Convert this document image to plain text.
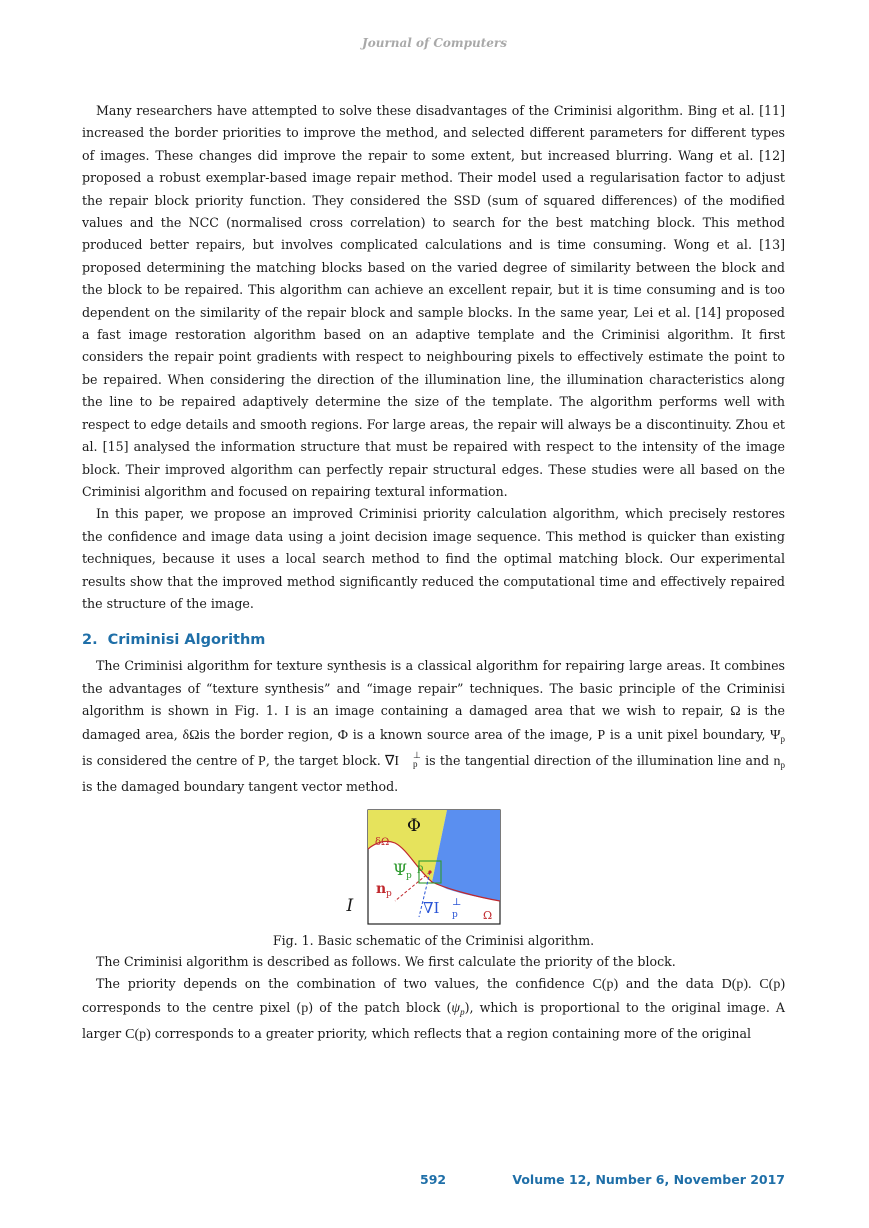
Journal of Computers

Many researchers have attempted to solve these disadvantages of the Criminisi algorithm. Bing et al. [11] increased the border priorities to improve the method, and selected different parameters for different types of images. These changes did improve the repair to some extent, but increased blurring. Wang et al. [12] proposed a robust exemplar-based image repair method. Their model used a regularisation factor to adjust the repair block priority function. They considered the SSD (sum of squared differences) of the modified values and the NCC (normalised cross correlation) to search for the best matching block. This method produced better repairs, but involves complicated calculations and is time consuming. Wong et al. [13] proposed determining the matching blocks based on the varied degree of similarity between the block and the block to be repaired. This algorithm can achieve an excellent repair, but it is time consuming and is too dependent on the similarity of the repair block and sample blocks. In the same year, Lei et al. [14] proposed a fast image restoration algorithm based on an adaptive template and the Criminisi algorithm. It first considers the repair point gradients with respect to neighbouring pixels to effectively estimate the point to be repaired. When considering the direction of the illumination line, the illumination characteristics along the line to be repaired adaptively determine the size of the template. The algorithm performs well with respect to edge details and smooth regions. For large areas, the repair will always be a discontinuity. Zhou et al. [15] analysed the information structure that must be repaired with respect to the intensity of the image block. Their improved algorithm can perfectly repair structural edges. These studies were all based on the Criminisi algorithm and focused on repairing textural information.

In this paper, we propose an improved Criminisi priority calculation algorithm, which precisely restores the confidence and image data using a joint decision image sequence. This method is quicker than existing techniques, because it uses a local search method to find the optimal matching block. Our experimental results show that the improved method significantly reduced the computational time and effectively repaired the structure of the image.

2. Criminisi Algorithm

The Criminisi algorithm for texture synthesis is a classical algorithm for repairing large areas. It combines the advantages of “texture synthesis” and “image repair” techniques. The basic principle of the Criminisi algorithm is shown in Fig. 1. I is an image containing a damaged area that we wish to repair, Ω is the damaged area, δΩis the border region, Φ is a known source area of the image, P is a unit pixel boundary, $\Psi_p$ is considered the centre of P, the target block. ∇I	⊥
p is the tangential direction of the illumination line and $n_p$ is the damaged boundary tangent vector method.

Φ
δΩ
Ψ
p
p
n p
∇I p
⊥
Ω
I
Fig. 1. Basic schematic of the Criminisi algorithm.

The Criminisi algorithm is described as follows. We first calculate the priority of the block.

The priority depends on the combination of two values, the confidence C(p) and the data D(p). C(p) corresponds to the centre pixel (p) of the patch block $(\psi_p)$, which is proportional to the original image. A larger C(p) corresponds to a greater priority, which reflects that a region containing more of the original

592	Volume 12, Number 6, November 2017
